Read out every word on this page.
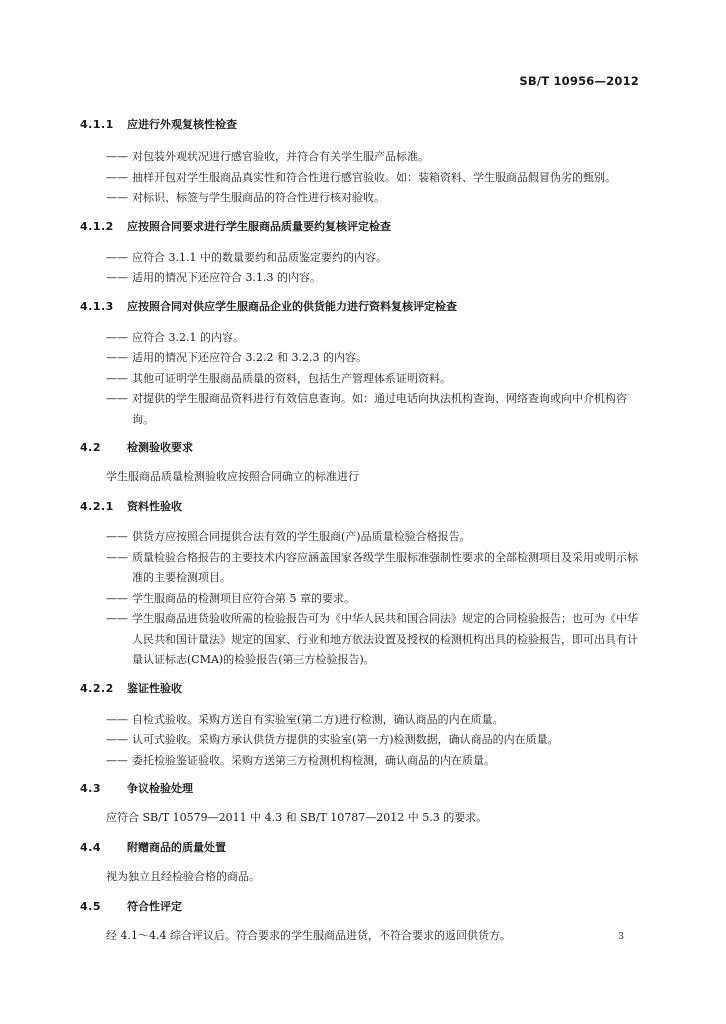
SB/T 10956—2012
4.1.1	应进行外观复核性检查
—— 对包装外观状况进行感官验收，并符合有关学生服产品标准。
—— 抽样开包对学生服商品真实性和符合性进行感官验收。如：装箱资料、学生服商品假冒伪劣的甄别。
—— 对标识、标签与学生服商品的符合性进行核对验收。
4.1.2	应按照合同要求进行学生服商品质量要约复核评定检查
—— 应符合 3.1.1 中的数量要约和品质鉴定要约的内容。
—— 适用的情况下还应符合 3.1.3 的内容。
4.1.3	应按照合同对供应学生服商品企业的供货能力进行资料复核评定检查
—— 应符合 3.2.1 的内容。
—— 适用的情况下还应符合 3.2.2 和 3.2.3 的内容。
—— 其他可证明学生服商品质量的资料，包括生产管理体系证明资料。
—— 对提供的学生服商品资料进行有效信息查询。如：通过电话向执法机构查询、网络查询或向中介机构咨询。
4.2	检测验收要求
学生服商品质量检测验收应按照合同确立的标准进行
4.2.1	资料性验收
—— 供货方应按照合同提供合法有效的学生服商(产)品质量检验合格报告。
—— 质量检验合格报告的主要技术内容应涵盖国家各级学生服标准强制性要求的全部检测项目及采用或明示标准的主要检测项目。
—— 学生服商品的检测项目应符合第 5 章的要求。
—— 学生服商品进货验收所需的检验报告可为《中华人民共和国合同法》规定的合同检验报告；也可为《中华人民共和国计量法》规定的国家、行业和地方依法设置及授权的检测机构出具的检验报告，即可出具有计量认证标志(CMA)的检验报告(第三方检验报告)。
4.2.2	鉴证性验收
—— 自检式验收。采购方送自有实验室(第二方)进行检测，确认商品的内在质量。
—— 认可式验收。采购方承认供货方提供的实验室(第一方)检测数据，确认商品的内在质量。
—— 委托检验鉴证验收。采购方送第三方检测机构检测，确认商品的内在质量。
4.3	争议检验处理
应符合 SB/T 10579—2011 中 4.3 和 SB/T 10787—2012 中 5.3 的要求。
4.4	附赠商品的质量处置
视为独立且经检验合格的商品。
4.5	符合性评定
经 4.1～4.4 综合评议后。符合要求的学生服商品进货，不符合要求的返回供货方。	3
